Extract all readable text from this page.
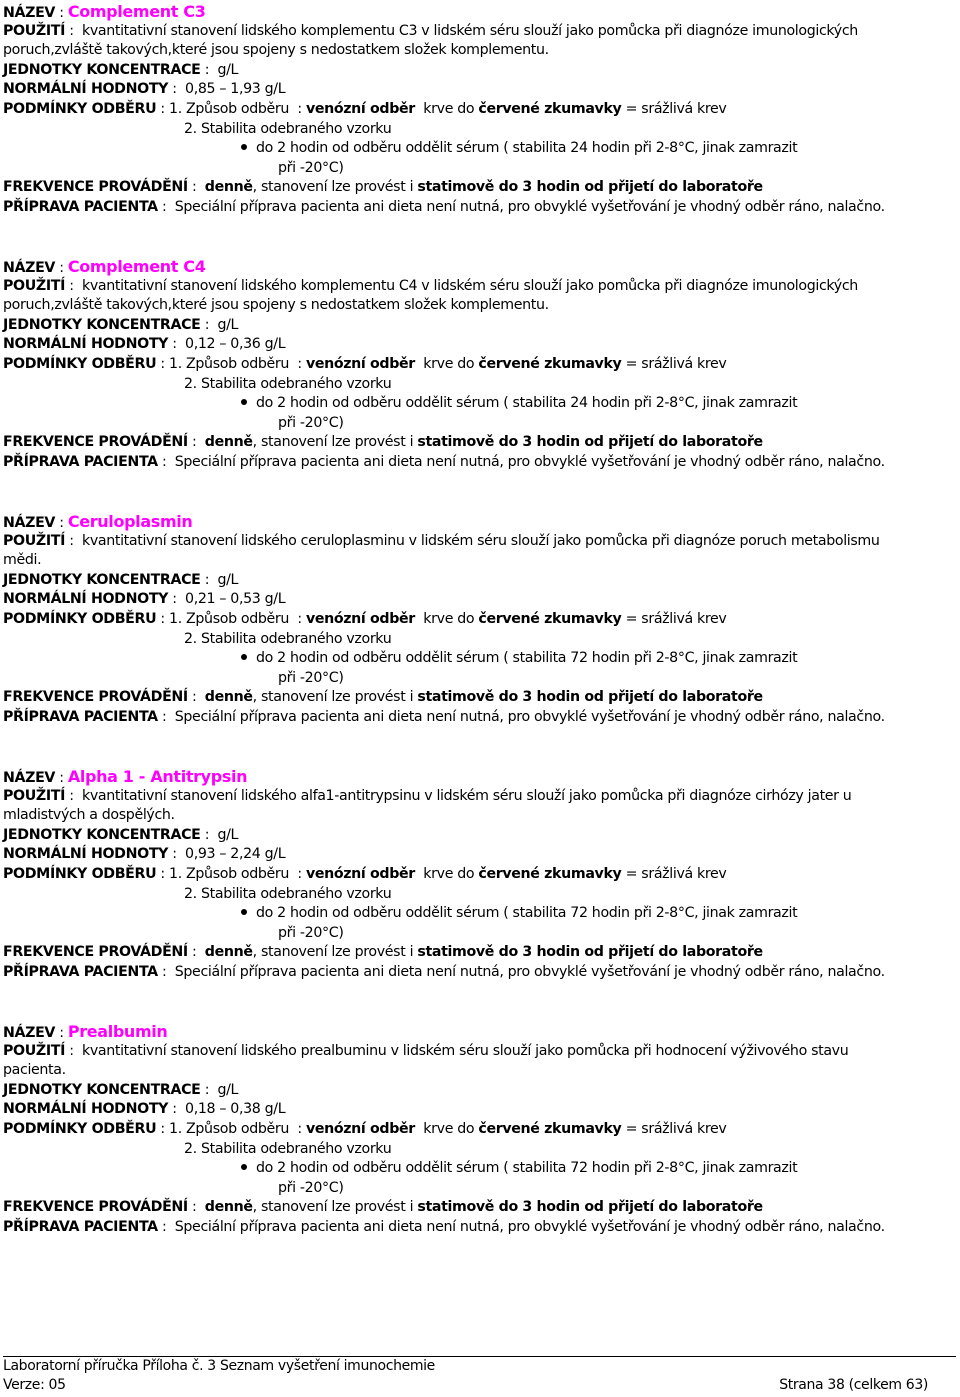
NÁZEV : Complement C3
POUŽITÍ :  kvantitativní stanovení lidského komplementu C3 v lidském séru slouží jako pomůcka při diagnóze imunologických
poruch,zvláště takových,které jsou spojeny s nedostatkem složek komplementu.
JEDNOTKY KONCENTRACE :  g/L
NORMÁLNÍ HODNOTY :  0,85 – 1,93 g/L
PODMÍNKY ODBĚRU : 1. Způsob odběru  : venózní odběr krve do červené zkumavky = srážlivá krev
2. Stabilita odebraného vzorku
do 2 hodin od odběru oddělit sérum ( stabilita 24 hodin při 2-8°C, jinak zamrazit
při -20°C)
FREKVENCE PROVÁDĚNÍ :  denně, stanovení lze provést i statimově do 3 hodin od přijetí do laboratoře
PŘÍPRAVA PACIENTA :  Speciální příprava pacienta ani dieta není nutná, pro obvyklé vyšetřování je vhodný odběr ráno, nalačno.
NÁZEV : Complement C4
POUŽITÍ :  kvantitativní stanovení lidského komplementu C4 v lidském séru slouží jako pomůcka při diagnóze imunologických
poruch,zvláště takových,které jsou spojeny s nedostatkem složek komplementu.
JEDNOTKY KONCENTRACE :  g/L
NORMÁLNÍ HODNOTY :  0,12 – 0,36 g/L
PODMÍNKY ODBĚRU : 1. Způsob odběru  : venózní odběr krve do červené zkumavky = srážlivá krev
2. Stabilita odebraného vzorku
do 2 hodin od odběru oddělit sérum ( stabilita 24 hodin při 2-8°C, jinak zamrazit
při -20°C)
FREKVENCE PROVÁDĚNÍ :  denně, stanovení lze provést i statimově do 3 hodin od přijetí do laboratoře
PŘÍPRAVA PACIENTA :  Speciální příprava pacienta ani dieta není nutná, pro obvyklé vyšetřování je vhodný odběr ráno, nalačno.
NÁZEV : Ceruloplasmin
POUŽITÍ :  kvantitativní stanovení lidského ceruloplasminu v lidském séru slouží jako pomůcka při diagnóze poruch metabolismu
mědi.
JEDNOTKY KONCENTRACE :  g/L
NORMÁLNÍ HODNOTY :  0,21 – 0,53 g/L
PODMÍNKY ODBĚRU : 1. Způsob odběru  : venózní odběr krve do červené zkumavky = srážlivá krev
2. Stabilita odebraného vzorku
do 2 hodin od odběru oddělit sérum ( stabilita 72 hodin při 2-8°C, jinak zamrazit
při -20°C)
FREKVENCE PROVÁDĚNÍ :  denně, stanovení lze provést i statimově do 3 hodin od přijetí do laboratoře
PŘÍPRAVA PACIENTA :  Speciální příprava pacienta ani dieta není nutná, pro obvyklé vyšetřování je vhodný odběr ráno, nalačno.
NÁZEV : Alpha 1 - Antitrypsin
POUŽITÍ :  kvantitativní stanovení lidského alfa1-antitrypsinu v lidském séru slouží jako pomůcka při diagnóze cirhózy jater u
mladistvých a dospělých.
JEDNOTKY KONCENTRACE :  g/L
NORMÁLNÍ HODNOTY :  0,93 – 2,24 g/L
PODMÍNKY ODBĚRU : 1. Způsob odběru  : venózní odběr krve do červené zkumavky = srážlivá krev
2. Stabilita odebraného vzorku
do 2 hodin od odběru oddělit sérum ( stabilita 72 hodin při 2-8°C, jinak zamrazit
při -20°C)
FREKVENCE PROVÁDĚNÍ :  denně, stanovení lze provést i statimově do 3 hodin od přijetí do laboratoře
PŘÍPRAVA PACIENTA :  Speciální příprava pacienta ani dieta není nutná, pro obvyklé vyšetřování je vhodný odběr ráno, nalačno.
NÁZEV : Prealbumin
POUŽITÍ :  kvantitativní stanovení lidského prealbuminu v lidském séru slouží jako pomůcka při hodnocení výživového stavu
pacienta.
JEDNOTKY KONCENTRACE :  g/L
NORMÁLNÍ HODNOTY :  0,18 – 0,38 g/L
PODMÍNKY ODBĚRU : 1. Způsob odběru  : venózní odběr krve do červené zkumavky = srážlivá krev
2. Stabilita odebraného vzorku
do 2 hodin od odběru oddělit sérum ( stabilita 72 hodin při 2-8°C, jinak zamrazit
při -20°C)
FREKVENCE PROVÁDĚNÍ :  denně, stanovení lze provést i statimově do 3 hodin od přijetí do laboratoře
PŘÍPRAVA PACIENTA :  Speciální příprava pacienta ani dieta není nutná, pro obvyklé vyšetřování je vhodný odběr ráno, nalačno.
Laboratorní příručka Příloha č. 3 Seznam vyšetření imunochemie
Verze: 05	Strana 38 (celkem 63)
